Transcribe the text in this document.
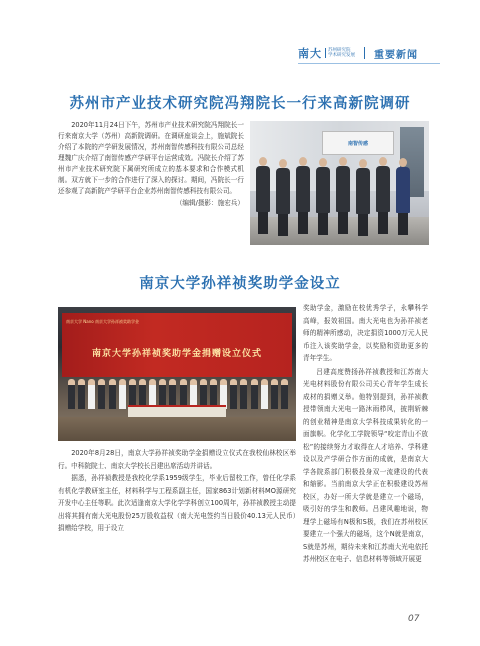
南大 苏州研究院
学术研究发展 重要新闻
苏州市产业技术研究院冯翔院长一行来高新院调研

2020年11月24日下午，苏州市产业技术研究院冯翔院长一行来南京大学（苏州）高新院调研。在调研座谈会上，施斌院长介绍了本院的产学研发展情况，苏州南智传感科技有限公司总经理魏广庆介绍了南智传感产学研平台运营成效。冯院长介绍了苏州市产业技术研究院下属研究所成立的基本要求和合作模式机制。双方就下一步的合作进行了深入的探讨。期间，冯院长一行还参观了高新院产学研平台企业苏州南智传感科技有限公司。

（编辑/摄影：施宏兵）
南智传感
南京大学孙祥祯奖助学金设立
南京大学 Nano 南京大学孙祥祯奖助学金
南京大学孙祥祯奖助学金捐赠设立仪式

2020年8月28日，南京大学孙祥祯奖助学金捐赠设立仪式在我校仙林校区举行。中科院院士、南京大学校长吕建出席活动并讲话。

据悉，孙祥祯教授是我校化学系1959级学生，毕业后留校工作，曾任化学系有机化学教研室主任，材料科学与工程系副主任，国家863计划新材料MO源研究开发中心主任等职。此次适逢南京大学化学学科创立100周年，孙祥祯教授主动提出将其拥有南大光电股份25万股收益权（南大光电签约当日股价40.13元人民币）捐赠给学校，用于设立

奖助学金，激励在校优秀学子，永攀科学高峰，报效祖国。南大光电也为孙祥祯老师的精神所感动，决定捐资1000万元人民币注入该奖助学金，以奖励和资助更多的青年学生。

吕建高度赞扬孙祥祯教授和江苏南大光电材料股份有限公司关心青年学生成长成材的捐赠义举。他特别提到，孙祥祯教授带领南大光电一路沐雨栉风，披荆斩棘的创业精神是南京大学科技成果转化的一面旗帜。化学化工学院领导“咬定青山不放松”的接续努力才取得在人才培养、学科建设以及产学研合作方面的成就，是南京大学各院系部门积极投身双一流建设的代表和缩影。当前南京大学正在积极建设苏州校区，办好一所大学就是建立一个磁场，吸引好的学生和教师。吕建风趣地说，物理学上磁场有N极和S极，我们在苏州校区要建立一个强大的磁场，这个N就是南京，S就是苏州，期待未来和江苏南大光电依托苏州校区在电子、信息材料等领域开展更

07
